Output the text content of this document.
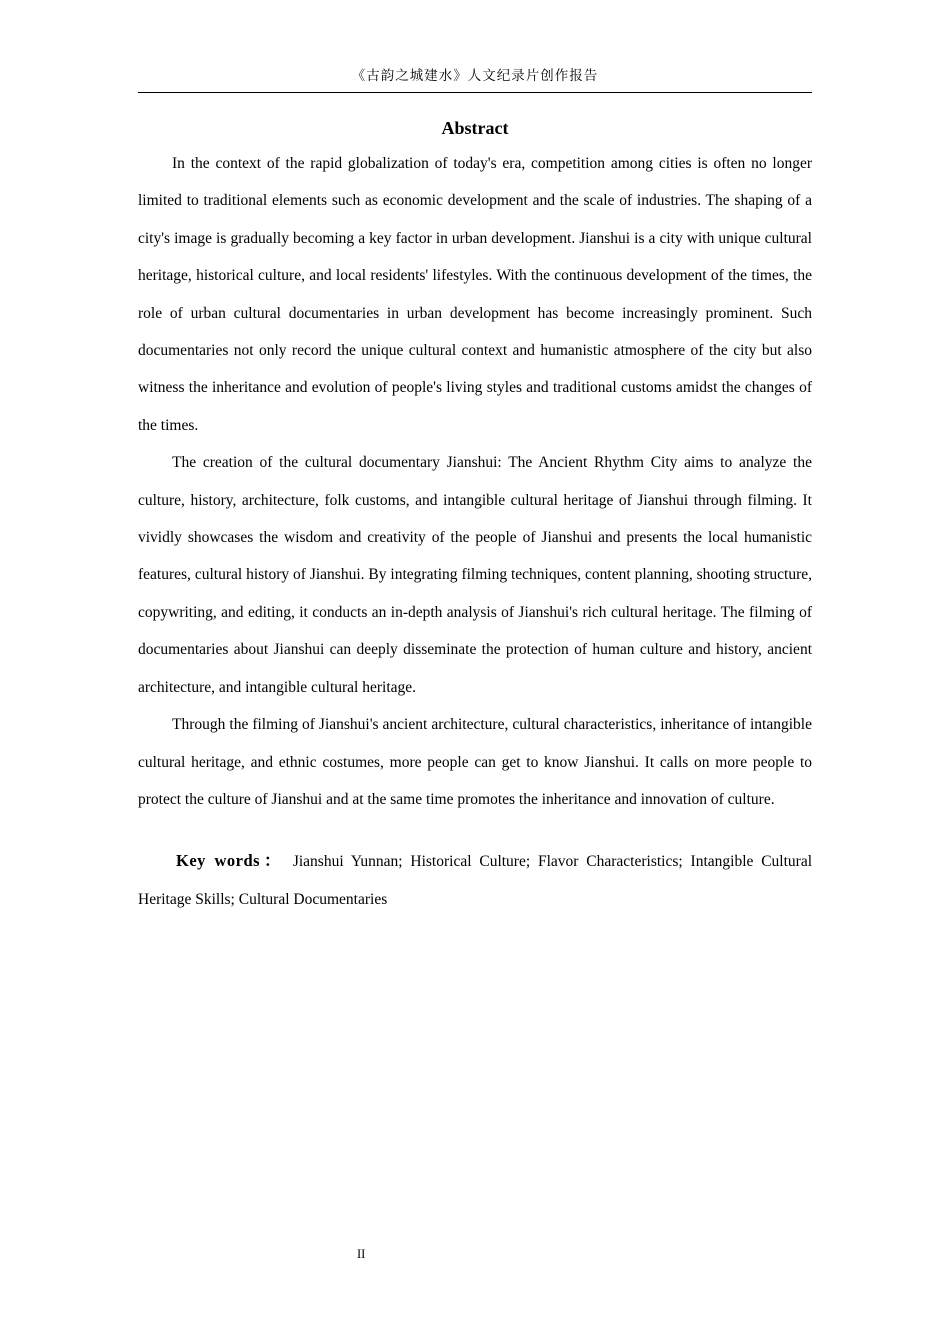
《古韵之城建水》人文纪录片创作报告
Abstract

In the context of the rapid globalization of today's era, competition among cities is often no longer limited to traditional elements such as economic development and the scale of industries. The shaping of a city's image is gradually becoming a key factor in urban development. Jianshui is a city with unique cultural heritage, historical culture, and local residents' lifestyles. With the continuous development of the times, the role of urban cultural documentaries in urban development has become increasingly prominent. Such documentaries not only record the unique cultural context and humanistic atmosphere of the city but also witness the inheritance and evolution of people's living styles and traditional customs amidst the changes of the times.

The creation of the cultural documentary Jianshui: The Ancient Rhythm City aims to analyze the culture, history, architecture, folk customs, and intangible cultural heritage of Jianshui through filming. It vividly showcases the wisdom and creativity of the people of Jianshui and presents the local humanistic features, cultural history of Jianshui. By integrating filming techniques, content planning, shooting structure, copywriting, and editing, it conducts an in-depth analysis of Jianshui's rich cultural heritage. The filming of documentaries about Jianshui can deeply disseminate the protection of human culture and history, ancient architecture, and intangible cultural heritage.

Through the filming of Jianshui's ancient architecture, cultural characteristics, inheritance of intangible cultural heritage, and ethnic costumes, more people can get to know Jianshui. It calls on more people to protect the culture of Jianshui and at the same time promotes the inheritance and innovation of culture.

Key words： Jianshui Yunnan; Historical Culture; Flavor Characteristics; Intangible Cultural Heritage Skills; Cultural Documentaries

II
